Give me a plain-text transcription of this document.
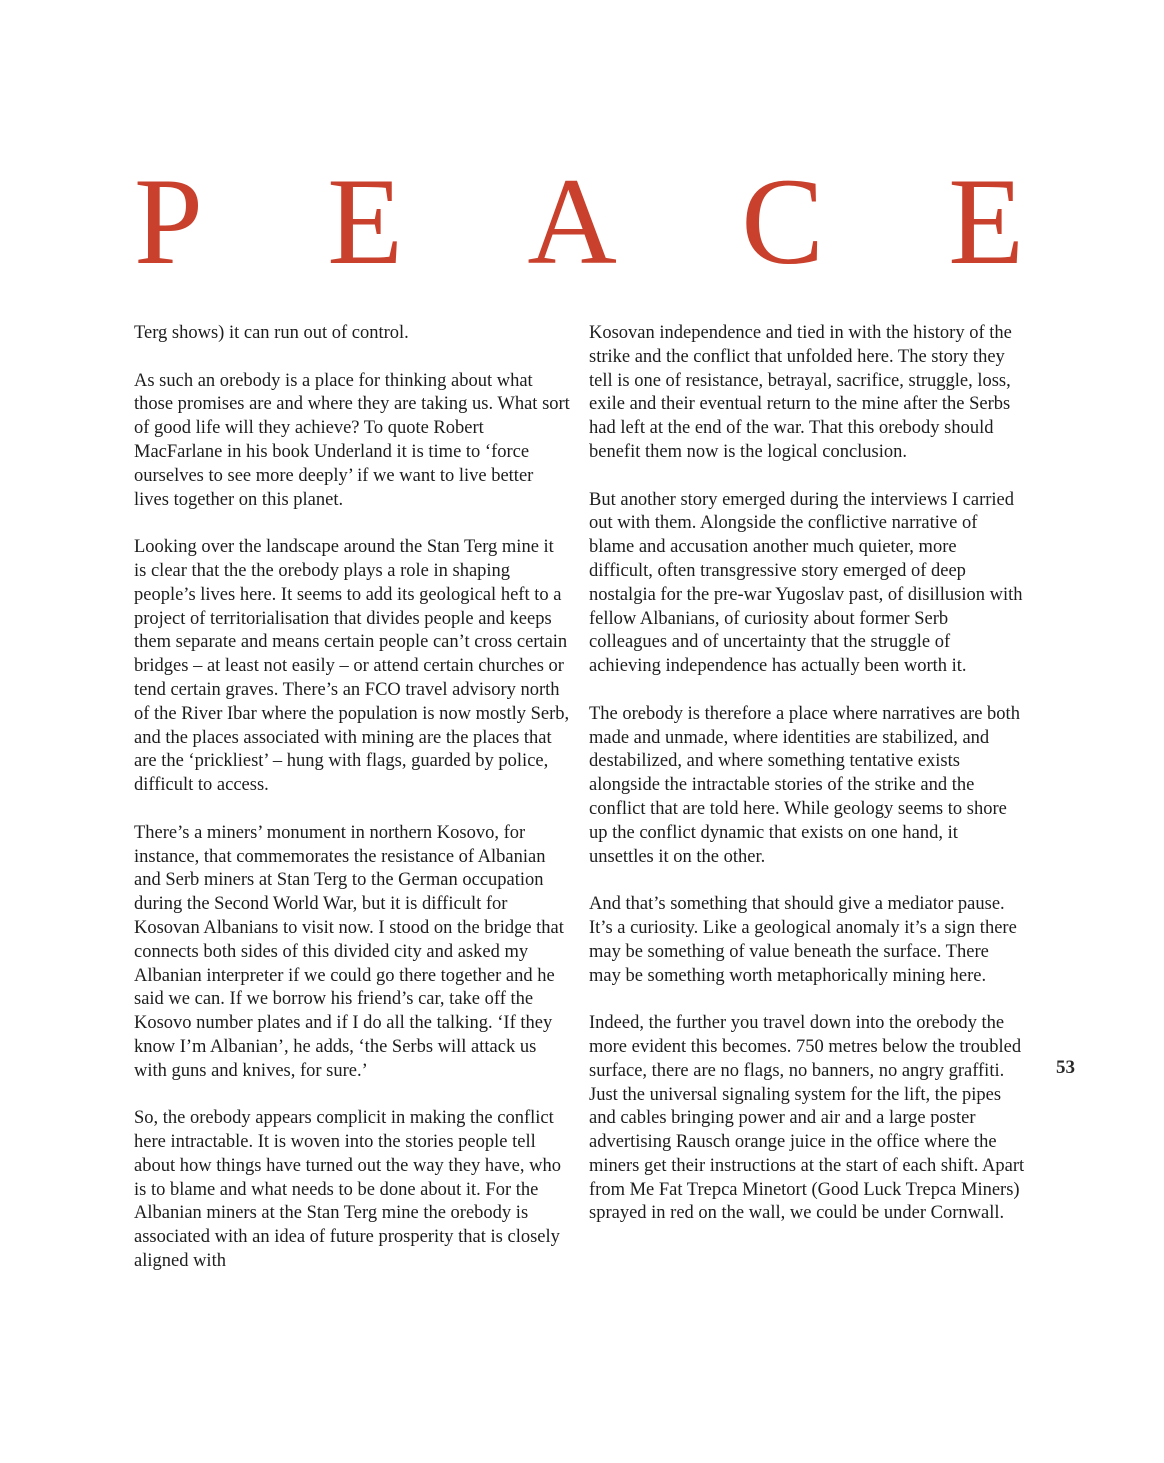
P E A C E

Terg shows) it can run out of control.

As such an orebody is a place for thinking about what those promises are and where they are taking us. What sort of good life will they achieve? To quote Robert MacFarlane in his book Underland it is time to ‘force ourselves to see more deeply’ if we want to live better lives together on this planet.

Looking over the landscape around the Stan Terg mine it is clear that the the orebody plays a role in shaping people’s lives here. It seems to add its geological heft to a project of territorialisation that divides people and keeps them separate and means certain people can’t cross certain bridges – at least not easily – or attend certain churches or tend certain graves. There’s an FCO travel advisory north of the River Ibar where the population is now mostly Serb, and the places associated with mining are the places that are the ‘prickliest’ – hung with flags, guarded by police, difficult to access.

There’s a miners’ monument in northern Kosovo, for instance, that commemorates the resistance of Albanian and Serb miners at Stan Terg to the German occupation during the Second World War, but it is difficult for Kosovan Albanians to visit now. I stood on the bridge that connects both sides of this divided city and asked my Albanian interpreter if we could go there together and he said we can. If we borrow his friend’s car, take off the Kosovo number plates and if I do all the talking. ‘If they know I’m Albanian’, he adds, ‘the Serbs will attack us with guns and knives, for sure.’

So, the orebody appears complicit in making the conflict here intractable. It is woven into the stories people tell about how things have turned out the way they have, who is to blame and what needs to be done about it. For the Albanian miners at the Stan Terg mine the orebody is associated with an idea of future prosperity that is closely aligned with

Kosovan independence and tied in with the history of the strike and the conflict that unfolded here. The story they tell is one of resistance, betrayal, sacrifice, struggle, loss, exile and their eventual return to the mine after the Serbs had left at the end of the war. That this orebody should benefit them now is the logical conclusion.

But another story emerged during the interviews I carried out with them. Alongside the conflictive narrative of blame and accusation another much quieter, more difficult, often transgressive story emerged of deep nostalgia for the pre-war Yugoslav past, of disillusion with fellow Albanians, of curiosity about former Serb colleagues and of uncertainty that the struggle of achieving independence has actually been worth it.

The orebody is therefore a place where narratives are both made and unmade, where identities are stabilized, and destabilized, and where something tentative exists alongside the intractable stories of the strike and the conflict that are told here. While geology seems to shore up the conflict dynamic that exists on one hand, it unsettles it on the other.

And that’s something that should give a mediator pause. It’s a curiosity. Like a geological anomaly it’s a sign there may be something of value beneath the surface. There may be something worth metaphorically mining here.

Indeed, the further you travel down into the orebody the more evident this becomes. 750 metres below the troubled surface, there are no flags, no banners, no angry graffiti. Just the universal signaling system for the lift, the pipes and cables bringing power and air and a large poster advertising Rausch orange juice in the office where the miners get their instructions at the start of each shift. Apart from Me Fat Trepca Minetort (Good Luck Trepca Miners) sprayed in red on the wall, we could be under Cornwall.

53
